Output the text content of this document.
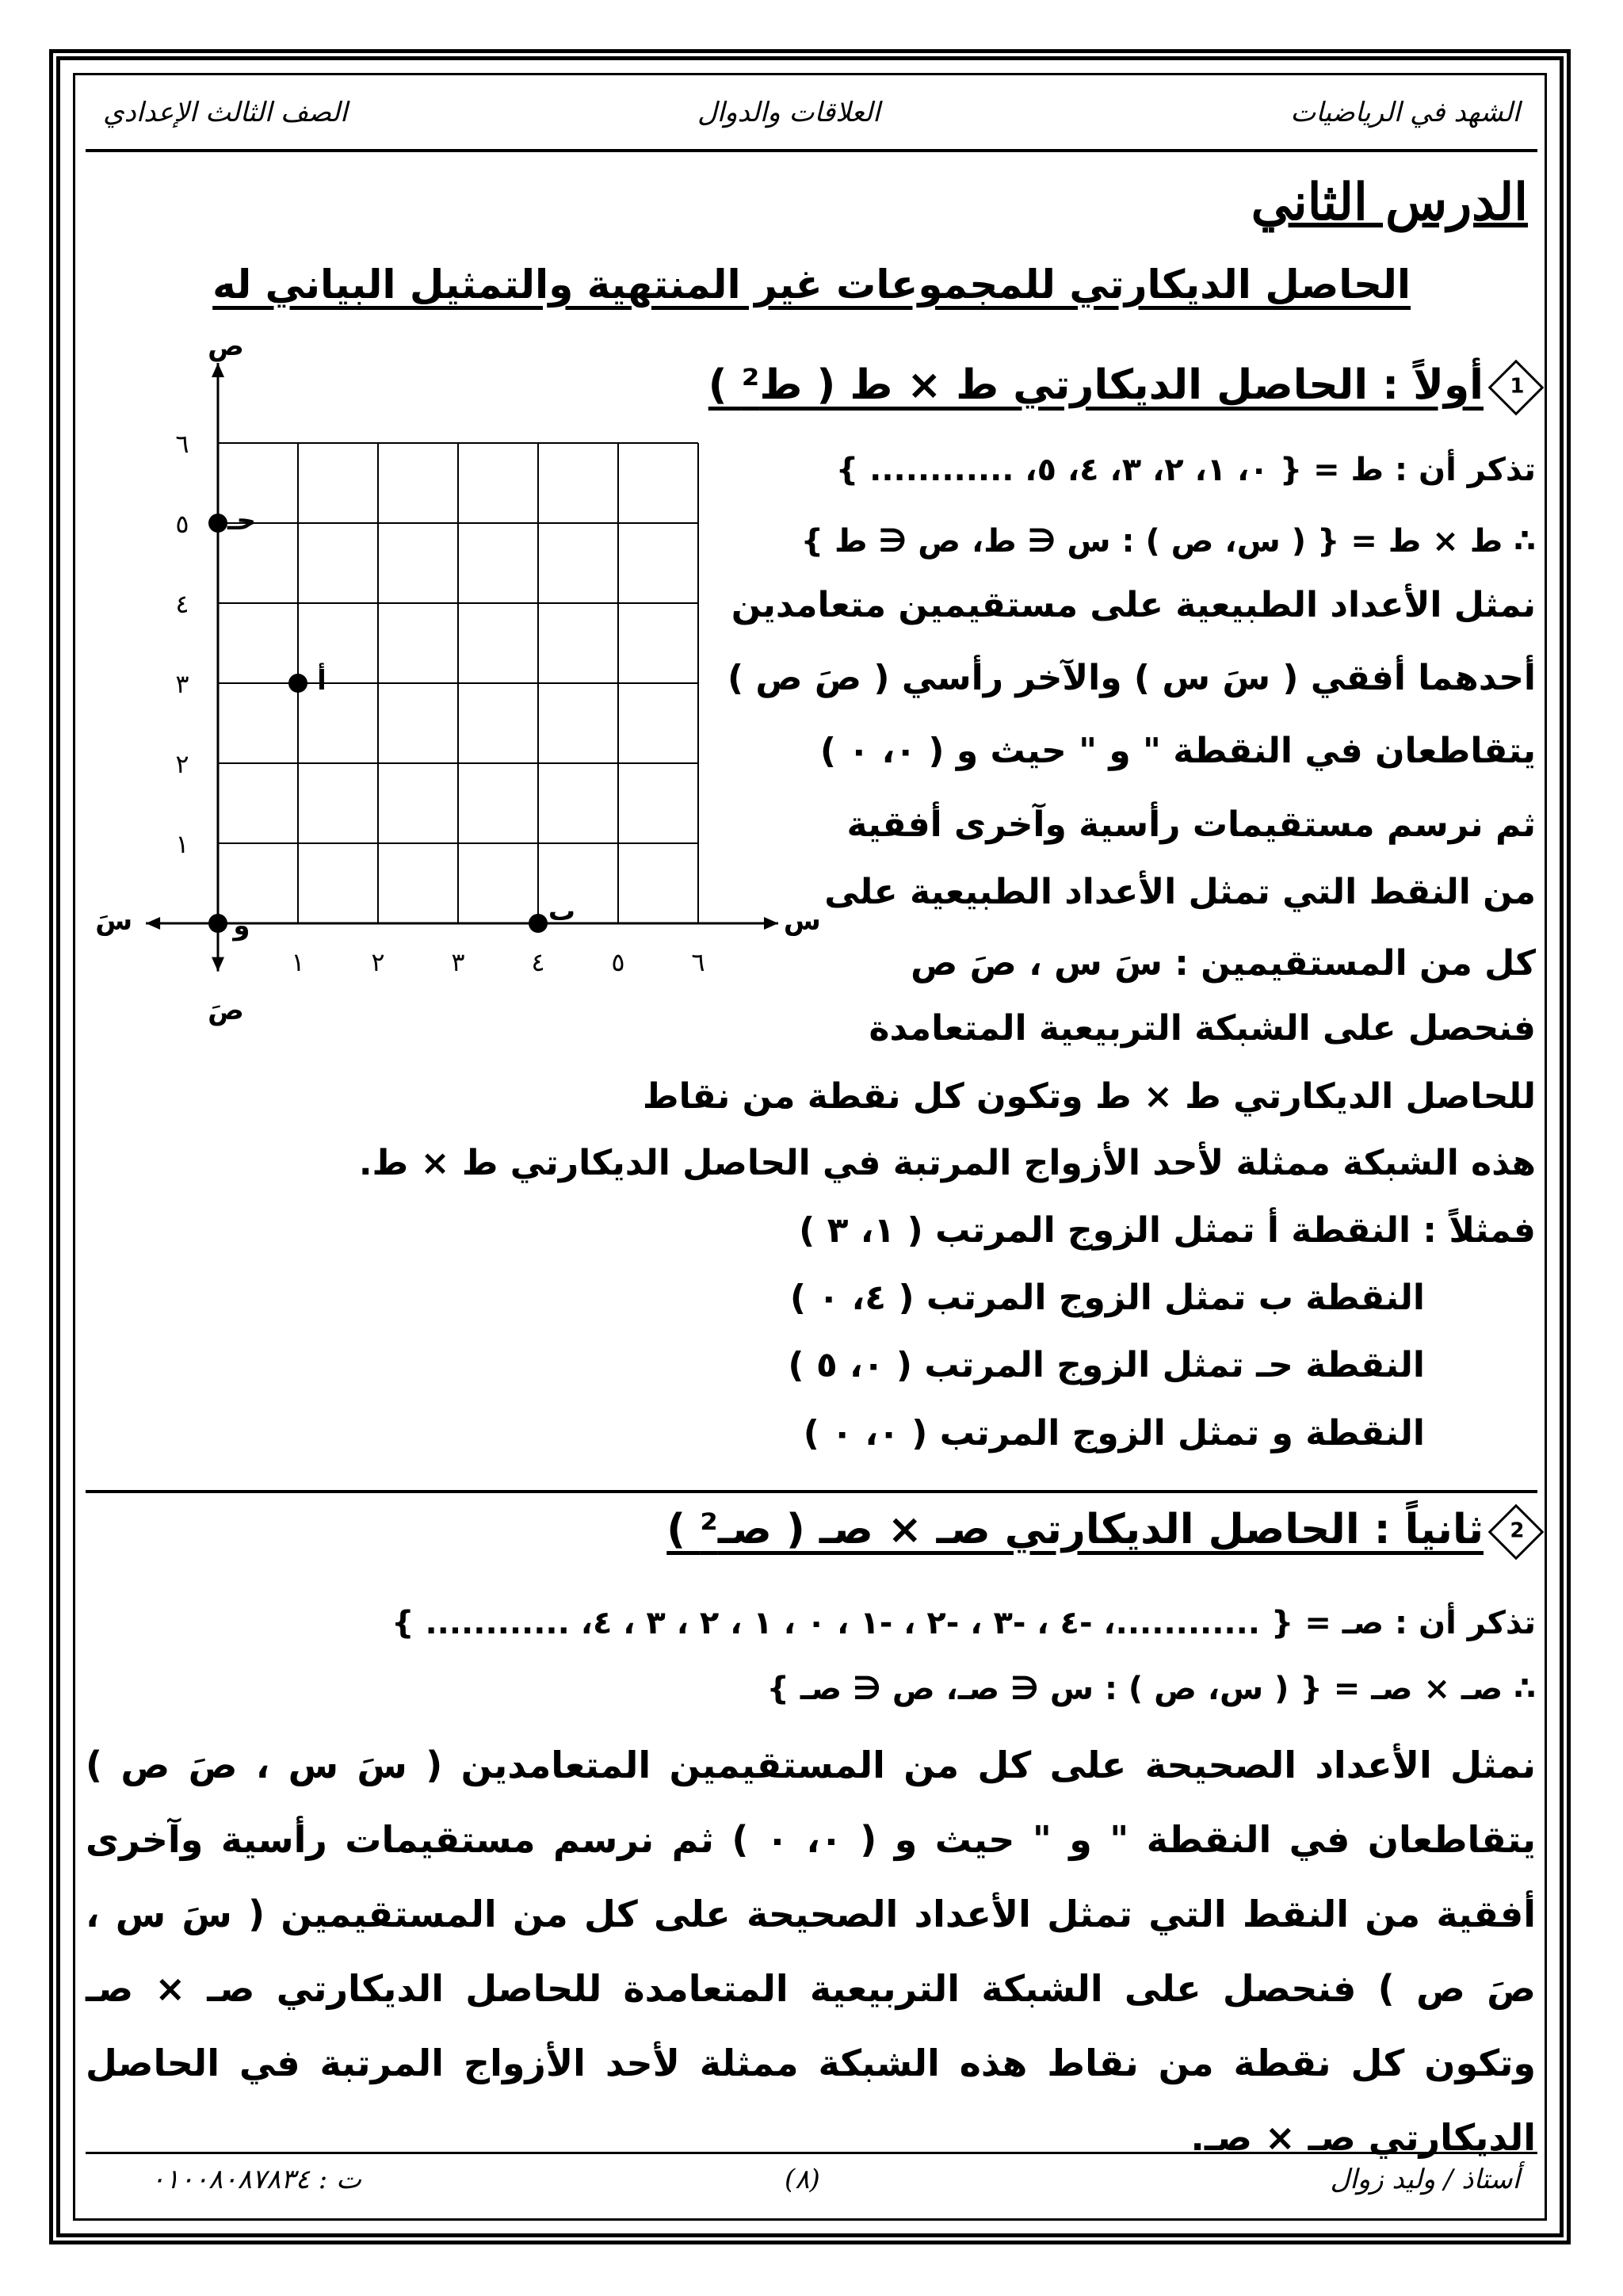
الشهد في الرياضيات
العلاقات والدوال
الصف الثالث الإعدادي
الدرس الثاني
الحاصل الديكارتي للمجموعات غير المنتهية والتمثيل البياني له
1أولاً : الحاصل الديكارتي ط × ط ( ط² )
تذكر أن : ط = { ٠، ١، ٢، ٣، ٤، ٥، ............ }
∴ ط × ط = { ( س، ص ) : س ∈ ط، ص ∈ ط }
نمثل الأعداد الطبيعية على مستقيمين متعامدين
أحدهما أفقي ( سَ س ) والآخر رأسي ( صَ ص )
يتقاطعان في النقطة " و " حيث و ( ٠، ٠ )
ثم نرسم مستقيمات رأسية وآخرى أفقية
من النقط التي تمثل الأعداد الطبيعية على
كل من المستقيمين : سَ س ، صَ ص
فنحصل على الشبكة التربيعية المتعامدة
للحاصل الديكارتي ط × ط وتكون كل نقطة من نقاط
هذه الشبكة ممثلة لأحد الأزواج المرتبة في الحاصل الديكارتي ط × ط.
فمثلاً : النقطة أ تمثل الزوج المرتب ( ١، ٣ )
النقطة ب تمثل الزوج المرتب ( ٤، ٠ )
النقطة حـ تمثل الزوج المرتب ( ٠، ٥ )
النقطة و تمثل الزوج المرتب ( ٠، ٠ )
س
سَ
ص
صَ
١	٢	٣	٤	٥	٦
١
٢
٣
٤
٥
٦
أ
ب
حـ
و
2ثانياً : الحاصل الديكارتي صـ × صـ ( صـ² )
تذكر أن : صـ = { ............، -٤ ، -٣ ، -٢ ، -١ ، ٠ ، ١ ، ٢ ، ٣ ، ٤، ............ }
∴ صـ × صـ = { ( س، ص ) : س ∈ صـ، ص ∈ صـ }
نمثل الأعداد الصحيحة على كل من المستقيمين المتعامدين ( سَ س ، صَ ص ) يتقاطعان في النقطة " و " حيث و ( ٠، ٠ ) ثم نرسم مستقيمات رأسية وآخرى أفقية من النقط التي تمثل الأعداد الصحيحة على كل من المستقيمين ( سَ س ، صَ ص ) فنحصل على الشبكة التربيعية المتعامدة للحاصل الديكارتي صـ × صـ وتكون كل نقطة من نقاط هذه الشبكة ممثلة لأحد الأزواج المرتبة في الحاصل الديكارتي صـ × صـ.
أستاذ / وليد زوال
(٨)
ت : ٠١٠٠٨٠٨٧٨٣٤
